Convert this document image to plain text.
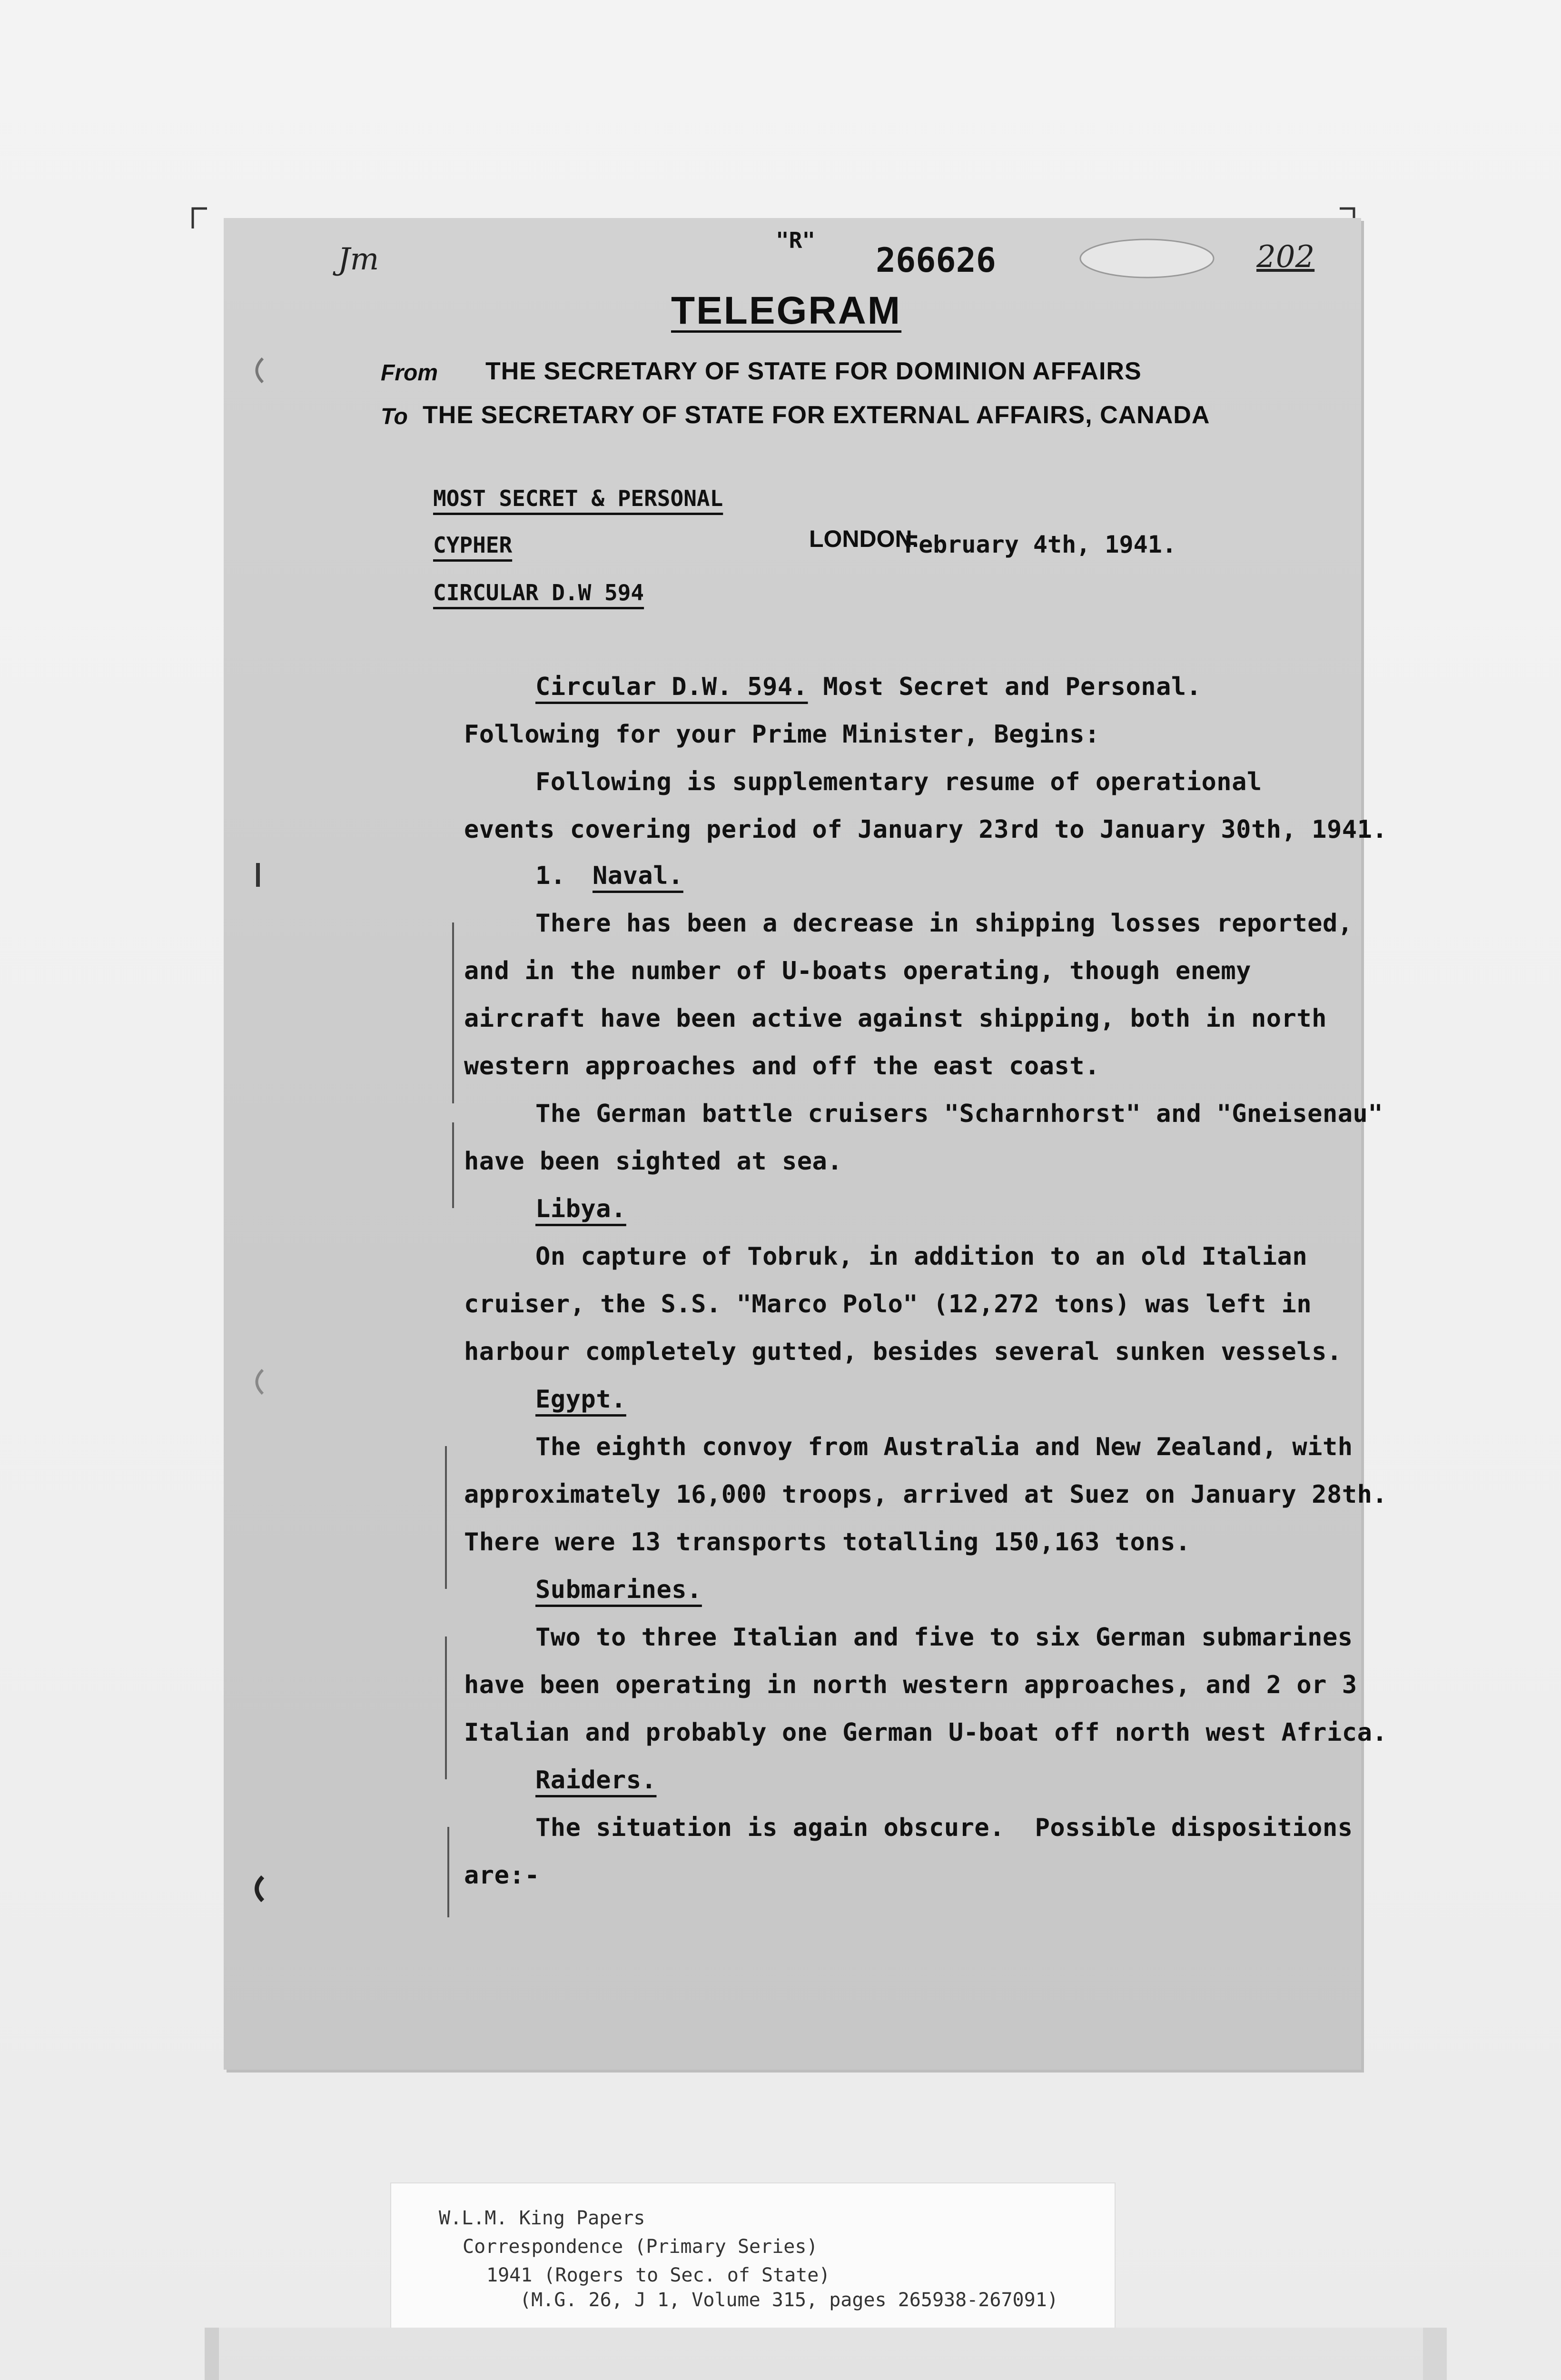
Jm	202
"R"
266626
TELEGRAM
From THE SECRETARY OF STATE FOR DOMINION AFFAIRS
To THE SECRETARY OF STATE FOR EXTERNAL AFFAIRS, CANADA
MOST SECRET & PERSONAL
CYPHER
CIRCULAR D.W 594
LONDON.
February 4th, 1941.
Circular D.W. 594. Most Secret and Personal.
Following for your Prime Minister, Begins:
Following is supplementary resume of operational
events covering period of January 23rd to January 30th, 1941.
1. Naval.
There has been a decrease in shipping losses reported,
and in the number of U-boats operating, though enemy
aircraft have been active against shipping, both in north
western approaches and off the east coast.
The German battle cruisers "Scharnhorst" and "Gneisenau"
have been sighted at sea.
Libya.
On capture of Tobruk, in addition to an old Italian
cruiser, the S.S. "Marco Polo" (12,272 tons) was left in
harbour completely gutted, besides several sunken vessels.
Egypt.
The eighth convoy from Australia and New Zealand, with
approximately 16,000 troops, arrived at Suez on January 28th.
There were 13 transports totalling 150,163 tons.
Submarines.
Two to three Italian and five to six German submarines
have been operating in north western approaches, and 2 or 3
Italian and probably one German U-boat off north west Africa.
Raiders.
The situation is again obscure.  Possible dispositions
are:-
W.L.M. King Papers
Correspondence (Primary Series)
1941 (Rogers to Sec. of State)
(M.G. 26, J 1, Volume 315, pages 265938-267091)
